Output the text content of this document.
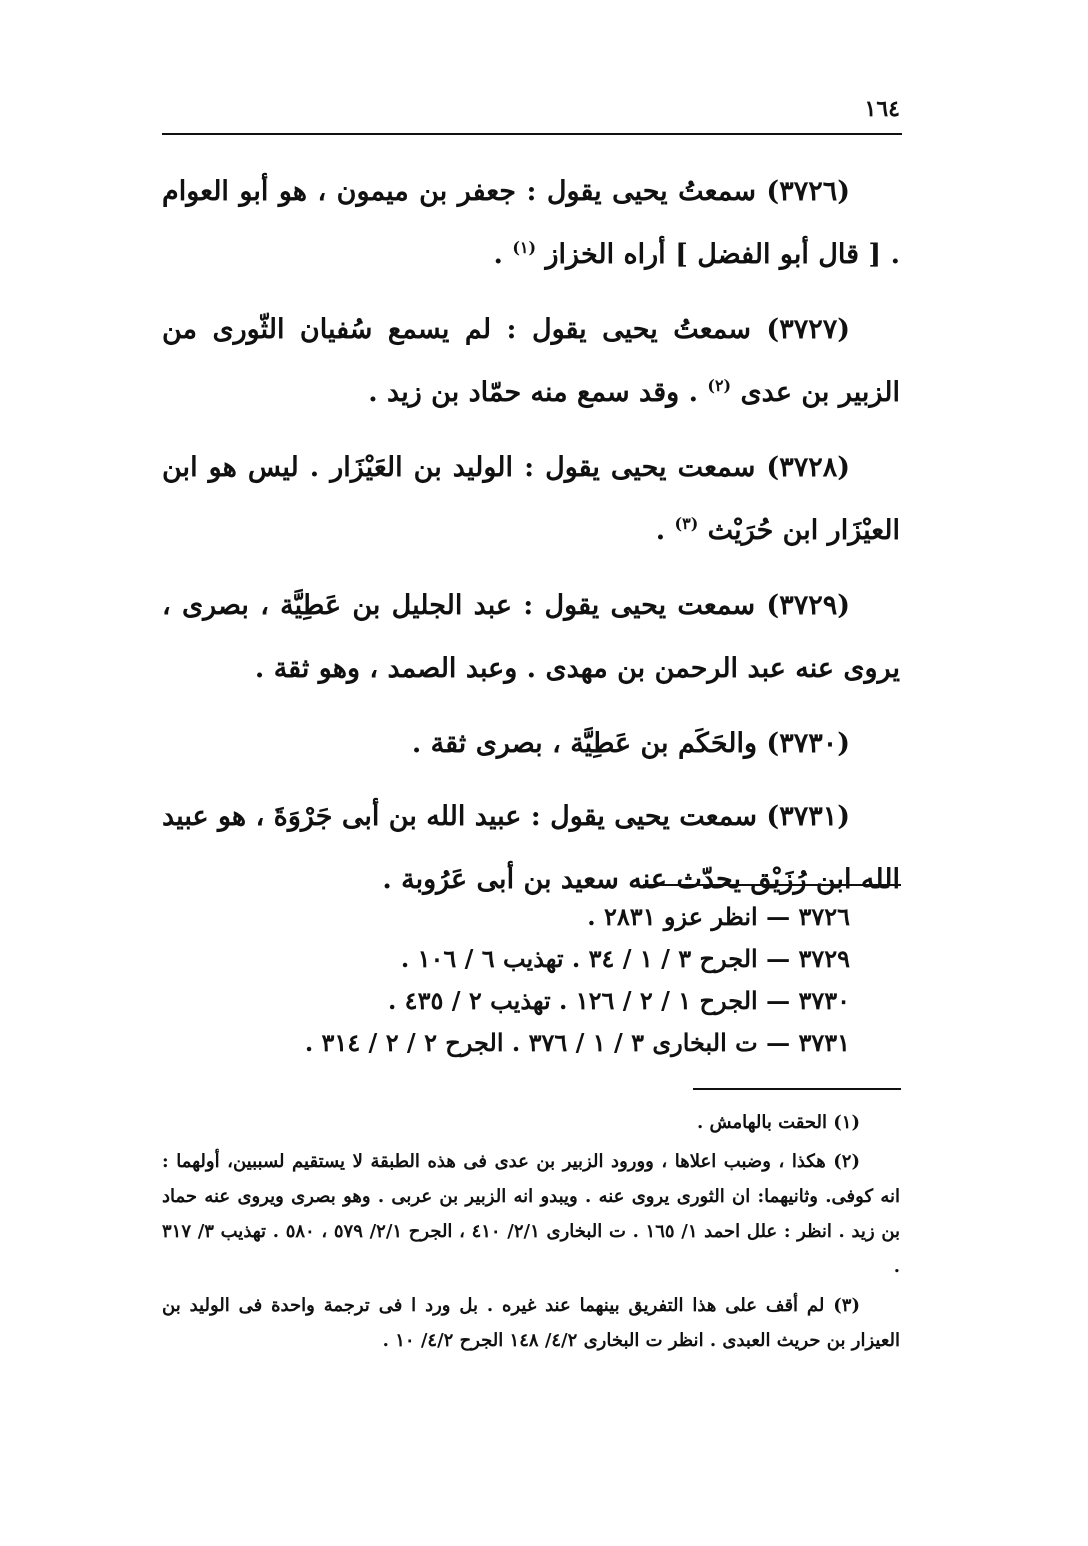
١٦٤

(٣٧٢٦) سمعتُ يحيى يقول : جعفر بن ميمون ، هو أبو العوام . [ قال أبو الفضل ] أراه الخزاز $^{(١)}$ .

(٣٧٢٧) سمعتُ يحيى يقول : لم يسمع سُفيان الثّورى من الزبير بن عدى $^{(٢)}$ . وقد سمع منه حمّاد بن زيد .

(٣٧٢٨) سمعت يحيى يقول : الوليد بن العَيْزَار . ليس هو ابن العيْزَار ابن حُرَيْث $^{(٣)}$ .

(٣٧٢٩) سمعت يحيى يقول : عبد الجليل بن عَطِيَّة ، بصرى ، يروى عنه عبد الرحمن بن مهدى . وعبد الصمد ، وهو ثقة .

(٣٧٣٠) والحَكَم بن عَطِيَّة ، بصرى ثقة .

(٣٧٣١) سمعت يحيى يقول : عبيد الله بن أبى جَرْوَةَ ، هو عبيد الله ابن رُزَيْق يحدّث عنه سعيد بن أبى عَرُوبة .

٣٧٢٦ — انظر عزو ٢٨٣١ .
٣٧٢٩ — الجرح ٣ / ١ / ٣٤ . تهذيب ٦ / ١٠٦ .
٣٧٣٠ — الجرح ١ / ٢ / ١٢٦ . تهذيب ٢ / ٤٣٥ .
٣٧٣١ — ت البخارى ٣ / ١ / ٣٧٦ . الجرح ٢ / ٢ / ٣١٤ .

(١) الحقت بالهامش .

(٢) هكذا ، وضبب اعلاها ، وورود الزبير بن عدى فى هذه الطبقة لا يستقيم لسببين، أولهما : انه كوفى. وثانيهما: ان الثورى يروى عنه . ويبدو انه الزبير بن عربى . وهو بصرى ويروى عنه حماد بن زيد . انظر : علل احمد ١/ ١٦٥ . ت البخارى ٢/١/ ٤١٠ ، الجرح ٢/١/ ٥٧٩ ، ٥٨٠ . تهذيب ٣/ ٣١٧ .

(٣) لم أقف على هذا التفريق بينهما عند غيره . بل ورد ا فى ترجمة واحدة فى الوليد بن العيزار بن حريث العبدى . انظر ت البخارى ٤/٢/ ١٤٨ الجرح ٤/٢/ ١٠ .
